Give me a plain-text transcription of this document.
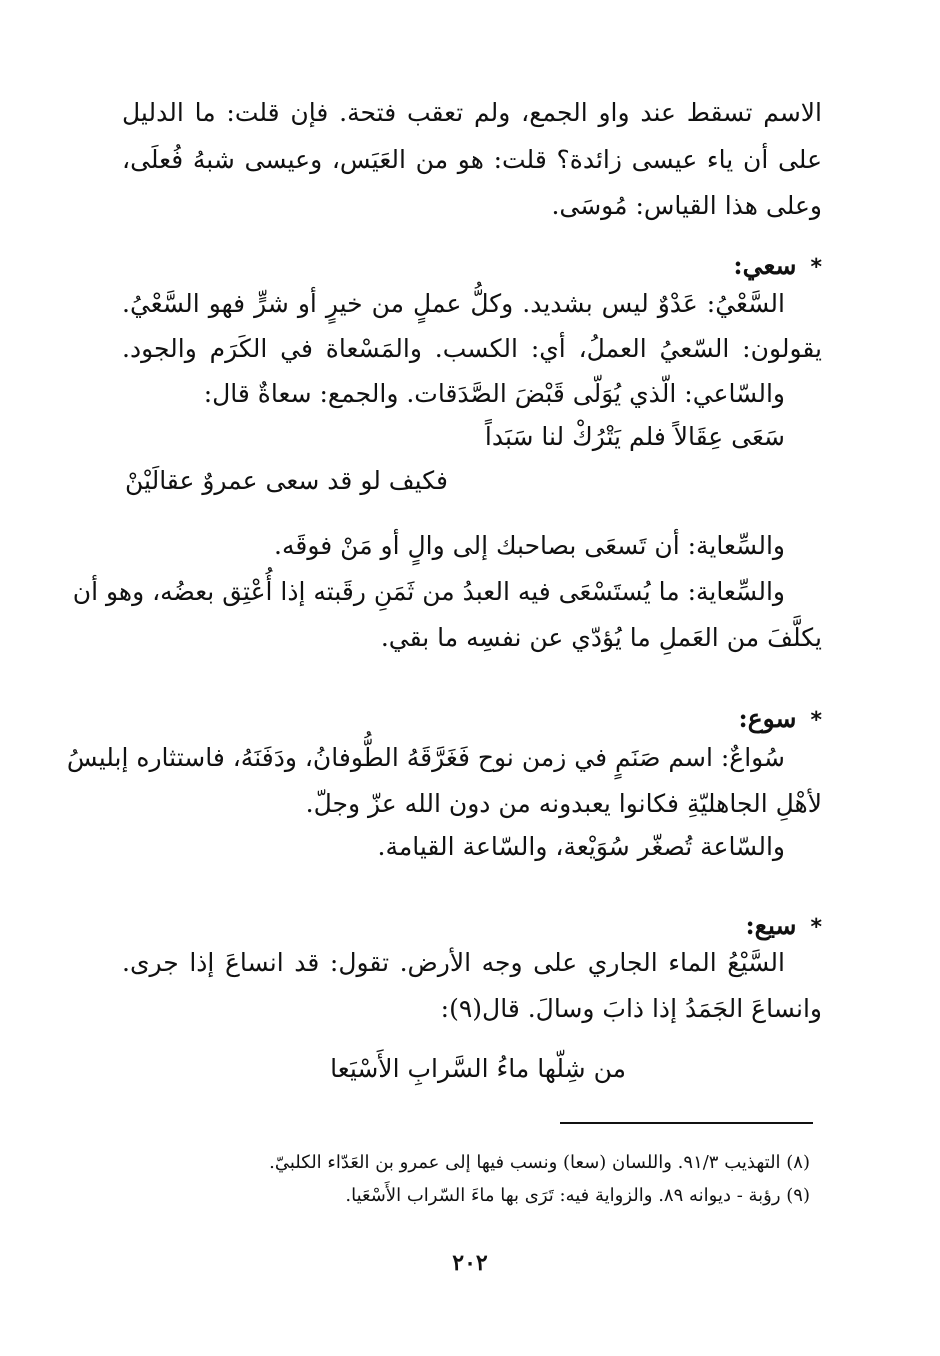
الاسم تسقط عند واو الجمع، ولم تعقب فتحة. فإن قلت: ما الدليل
على أن ياء عيسى زائدة؟ قلت: هو من العَيَس، وعيسى شبهُ فُعلَى،
وعلى هذا القياس: مُوسَى.
*سعي:
السَّعْيُ: عَدْوٌ ليس بشديد. وكلُّ عملٍ من خيرٍ أو شرٍّ فهو السَّعْيُ.
يقولون: السّعيُ العملُ، أي: الكسب. والمَسْعاة في الكَرَم والجود.
والسّاعي: الّذي يُوَلّى قَبْضَ الصَّدَقات. والجمع: سعاةٌ قال:
سَعَى عِقَالاً فلم يَتْرُكْ لنا سَبَداً
فكيف لو قد سعى عمروٌ عقالَيْنْ
والسِّعاية: أن تَسعَى بصاحبك إلى والٍ أو مَنْ فوقَه.
والسِّعاية: ما يُستَسْعَى فيه العبدُ من ثَمَنِ رقَبته إذا أُعْتِق بعضُه، وهو أن
يكلَّفَ من العَملِ ما يُؤدّي عن نفسِه ما بقي.
*سوع:
سُواعٌ: اسم صَنَمٍ في زمن نوح فَغَرَّقَهُ الطُّوفانُ، ودَفَنَهُ، فاستثاره إبليسُ
لأهْلِ الجاهليّةِ فكانوا يعبدونه من دون الله عزّ وجلّ.
والسّاعة تُصغّر سُوَيْعة، والسّاعة القيامة.
*سيع:
السَّيْعُ الماء الجاري على وجه الأرض. تقول: قد انساعَ إذا جرى.
وانساعَ الجَمَدُ إذا ذابَ وسالَ. قال(٩):
من شِلّها ماءُ السَّرابِ الأَسْيَعا
(٨) التهذيب ٩١/٣. واللسان (سعا) ونسب فيها إلى عمرو بن العَدّاء الكلبيّ.
(٩) رؤبة - ديوانه ٨٩. والزواية فيه: تَرَى بها ماءَ السّراب الأَسْعَيا.
٢٠٢
